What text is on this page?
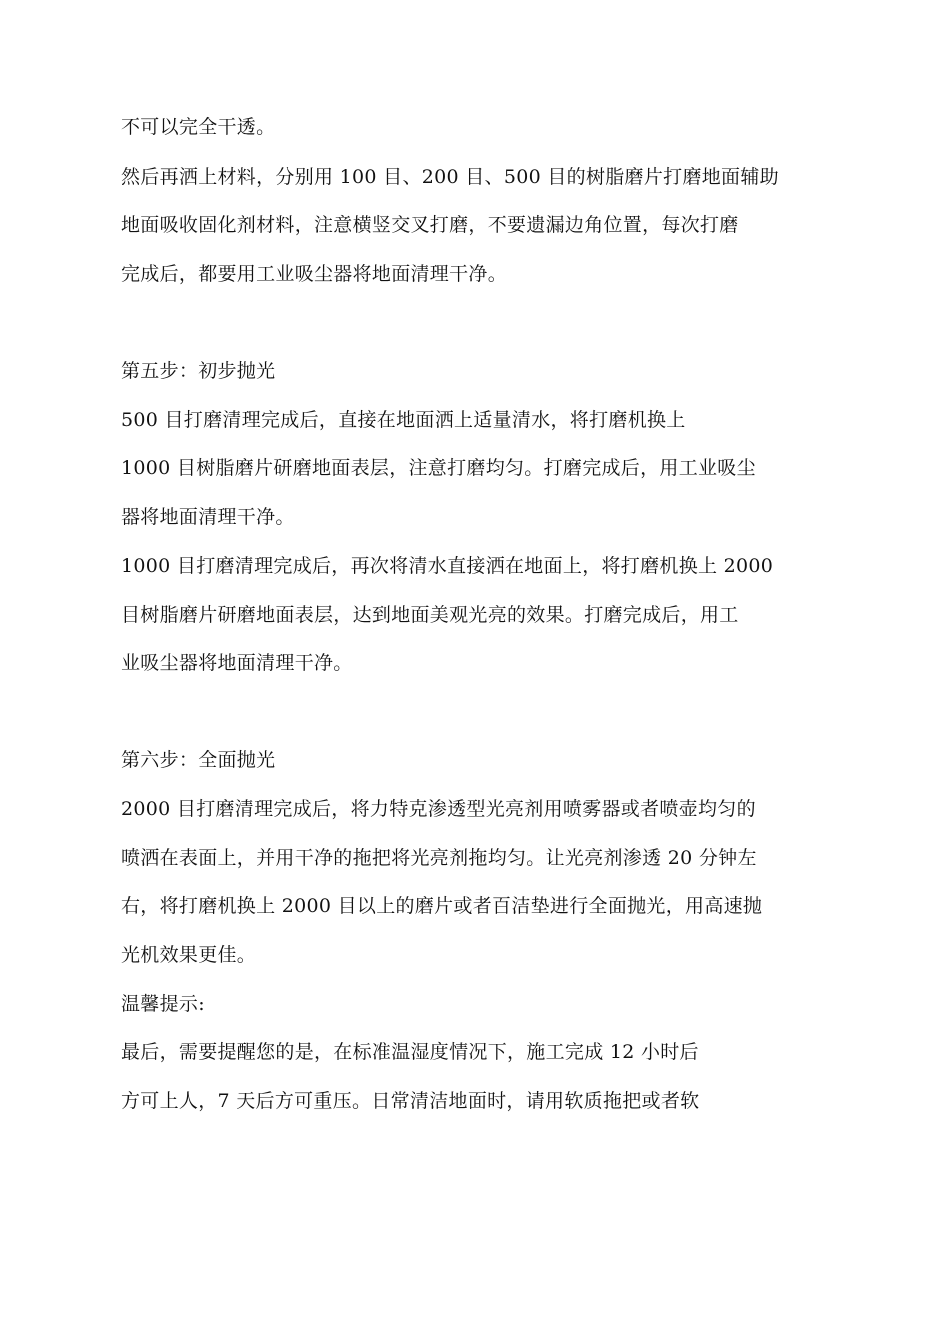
不可以完全干透。
然后再洒上材料，分别用 100 目、200 目、500 目的树脂磨片打磨地面辅助
地面吸收固化剂材料，注意横竖交叉打磨，不要遗漏边角位置，每次打磨
完成后，都要用工业吸尘器将地面清理干净。
第五步：初步抛光
500 目打磨清理完成后，直接在地面洒上适量清水，将打磨机换上
1000 目树脂磨片研磨地面表层，注意打磨均匀。打磨完成后，用工业吸尘
器将地面清理干净。
1000 目打磨清理完成后，再次将清水直接洒在地面上，将打磨机换上 2000
目树脂磨片研磨地面表层，达到地面美观光亮的效果。打磨完成后，用工
业吸尘器将地面清理干净。
第六步：全面抛光
2000 目打磨清理完成后，将力特克渗透型光亮剂用喷雾器或者喷壶均匀的
喷洒在表面上，并用干净的拖把将光亮剂拖均匀。让光亮剂渗透 20 分钟左
右，将打磨机换上 2000 目以上的磨片或者百洁垫进行全面抛光，用高速抛
光机效果更佳。
温馨提示:
最后，需要提醒您的是，在标准温湿度情况下，施工完成 12 小时后
方可上人，7 天后方可重压。日常清洁地面时，请用软质拖把或者软
